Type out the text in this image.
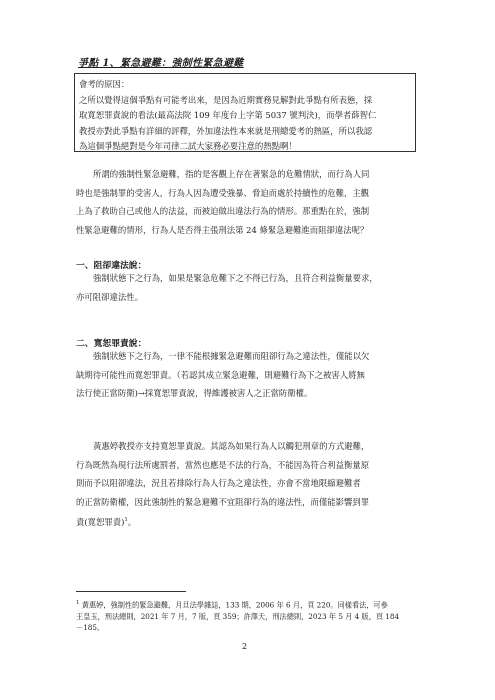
爭點 1、緊急避難：強制性緊急避難
會考的原因：
之所以覺得這個爭點有可能考出來，是因為近期實務見解對此爭點有所表態，採
取寬恕罪責說的看法(最高法院 109 年度台上字第 5037 號判決)，而學者薛智仁
教授亦對此爭點有詳細的評釋，外加違法性本來就是刑總愛考的熱區，所以我認
為這個爭點絕對是今年司律二試大家務必要注意的熱點啊！
所謂的強制性緊急避難，指的是客觀上存在著緊急的危難情狀，而行為人同
時也是強制罪的受害人，行為人因為遭受強暴、脅迫而處於持續性的危難，主觀
上為了救助自己或他人的法益，而被迫做出違法行為的情形。那重點在於，強制
性緊急避難的情形，行為人是否得主張刑法第 24 條緊急避難進而阻卻違法呢？
一、阻卻違法說：
強制狀態下之行為，如果是緊急危難下之不得已行為，且符合利益衡量要求，
亦可阻卻違法性。
二、寬恕罪責說：
強制狀態下之行為，一律不能根據緊急避難而阻卻行為之違法性，僅能以欠
缺期待可能性而寬恕罪責。（若認其成立緊急避難，則避難行為下之被害人將無
法行使正當防衛)→採寬恕罪責說，得維護被害人之正當防衛權。
黃惠婷教授亦支持寬恕罪責說。其認為如果行為人以觸犯刑章的方式避難，
行為既然為現行法所處罰者，當然也應是不法的行為，不能因為符合利益衡量原
則而予以阻卻違法，況且若排除行為人行為之違法性，亦會不當地限縮避難者
的正當防衛權，因此強制性的緊急避難不宜阻卻行為的違法性，而僅能影響到罪
責(寬恕罪責)$^1$。
$^1$ 黃惠婷，強制性的緊急避難，月旦法學雜誌，133 期，2006 年 6 月，頁 220。同樣看法，可參
王皇玉，刑法總則，2021 年 7 月，7 版，頁 359；許澤天，刑法總則，2023 年 5 月 4 版，頁 184
－185。
2
